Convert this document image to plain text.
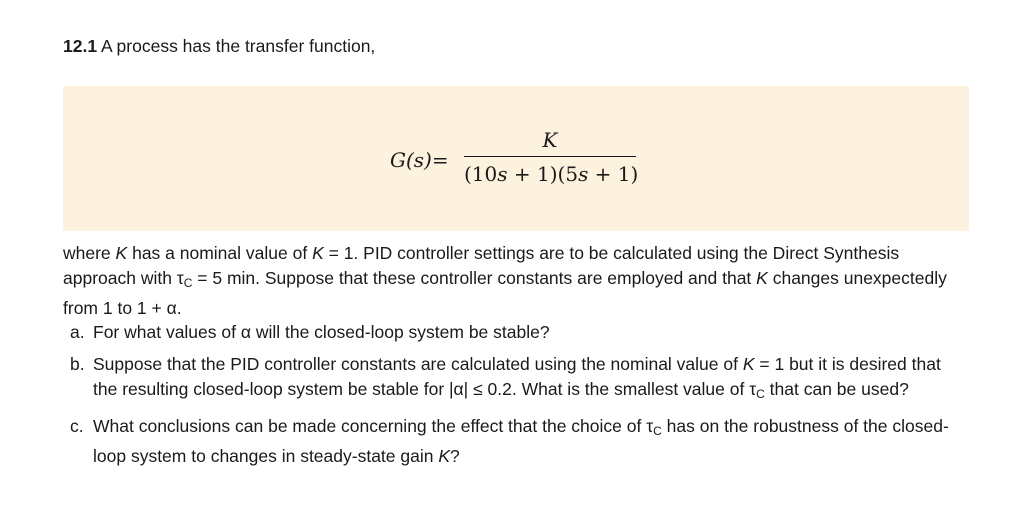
12.1 A process has the transfer function,
G(s)=
K
(10s + 1)(5s + 1)
where K has a nominal value of K = 1. PID controller settings are to be calculated using the Direct Synthesis approach with $\tau_C = 5$ min. Suppose that these controller constants are employed and that K changes unexpectedly from 1 to 1 + α.
a. For what values of α will the closed-loop system be stable?
b. Suppose that the PID controller constants are calculated using the nominal value of K = 1 but it is desired that the resulting closed-loop system be stable for |α| ≤ 0.2. What is the smallest value of $\tau_C$ that can be used?
c. What conclusions can be made concerning the effect that the choice of $\tau_C$ has on the robustness of the closed-loop system to changes in steady-state gain K?
